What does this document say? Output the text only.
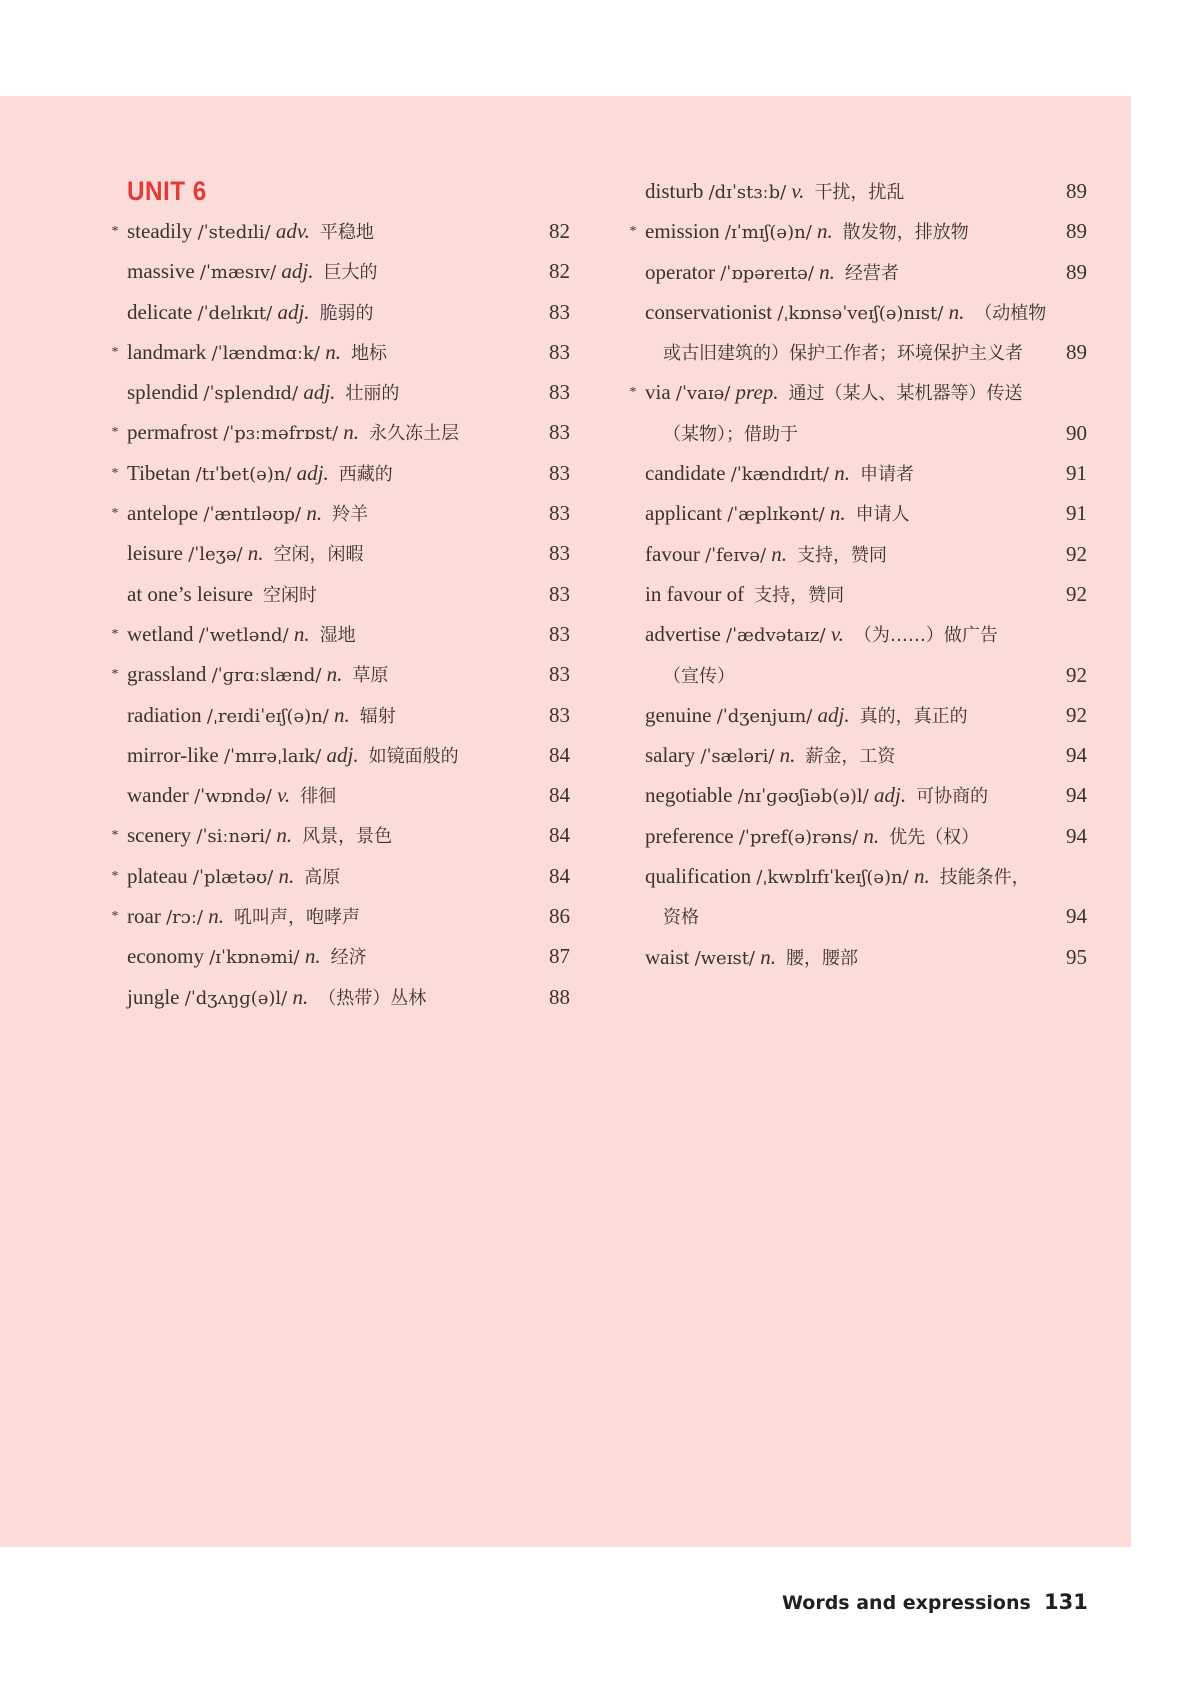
UNIT 6
* steadily /ˈstedɪli/ adv. 平稳地	82
massive /ˈmæsɪv/ adj. 巨大的	82
delicate /ˈdelɪkɪt/ adj. 脆弱的	83
* landmark /ˈlændmɑːk/ n. 地标	83
splendid /ˈsplendɪd/ adj. 壮丽的	83
* permafrost /ˈpɜːməfrɒst/ n. 永久冻土层	83
* Tibetan /tɪˈbet(ə)n/ adj. 西藏的	83
* antelope /ˈæntɪləʊp/ n. 羚羊	83
leisure /ˈleʒə/ n. 空闲，闲暇	83
at one’s leisure 空闲时	83
* wetland /ˈwetlənd/ n. 湿地	83
* grassland /ˈɡrɑːslænd/ n. 草原	83
radiation /ˌreɪdiˈeɪʃ(ə)n/ n. 辐射	83
mirror-like /ˈmɪrəˌlaɪk/ adj. 如镜面般的	84
wander /ˈwɒndə/ v. 徘徊	84
* scenery /ˈsiːnəri/ n. 风景，景色	84
* plateau /ˈplætəʊ/ n. 高原	84
* roar /rɔː/ n. 吼叫声，咆哮声	86
economy /ɪˈkɒnəmi/ n. 经济	87
jungle /ˈdʒʌŋɡ(ə)l/ n. （热带）丛林	88
disturb /dɪˈstɜːb/ v. 干扰，扰乱	89
* emission /ɪˈmɪʃ(ə)n/ n. 散发物，排放物	89
operator /ˈɒpəreɪtə/ n. 经营者	89
conservationist /ˌkɒnsəˈveɪʃ(ə)nɪst/ n. （动植物
或古旧建筑的）保护工作者；环境保护主义者 89
* via /ˈvaɪə/ prep. 通过（某人、某机器等）传送
（某物）；借助于	90
candidate /ˈkændɪdɪt/ n. 申请者	91
applicant /ˈæplɪkənt/ n. 申请人	91
favour /ˈfeɪvə/ n. 支持，赞同	92
in favour of 支持，赞同	92
advertise /ˈædvətaɪz/ v. （为……）做广告
（宣传）	92
genuine /ˈdʒenjuɪn/ adj. 真的，真正的	92
salary /ˈsæləri/ n. 薪金，工资	94
negotiable /nɪˈɡəʊʃiəb(ə)l/ adj. 可协商的	94
preference /ˈpref(ə)rəns/ n. 优先（权）	94
qualification /ˌkwɒlɪfɪˈkeɪʃ(ə)n/ n. 技能条件，
资格	94
waist /weɪst/ n. 腰，腰部	95
Words and expressions 131
